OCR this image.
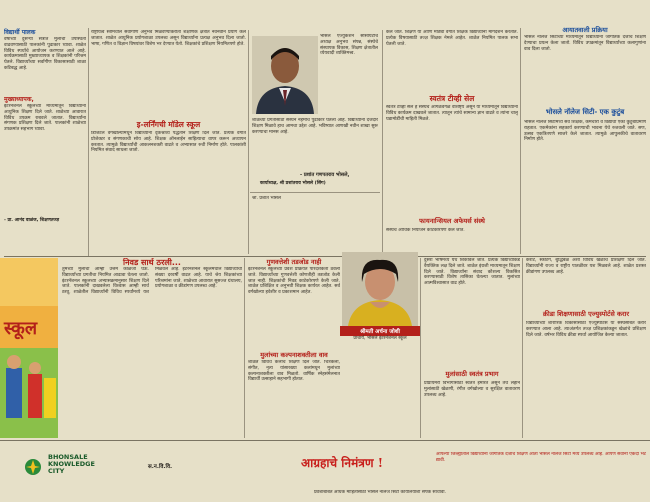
विद्यार्थी पालक
वर्षाच्या दुसऱ्या सत्रात मुलांची उपस्थिती वाढवण्यासाठी पालकांनी पुढाकार घ्यावा. शाळेत विविध स्पर्धांचे आयोजन करण्यात आले आहे. कार्यक्रमासाठी मुख्याध्यापक व शिक्षकांनी परिश्रम घेतले. विद्यार्थ्यांच्या सर्वांगीण विकासासाठी शाळा कटिबद्ध आहे.
मुख्याध्यापक,
इंटरनॅशनल स्कूलच्या माध्यमातून विद्यार्थ्यांना आधुनिक शिक्षण दिले जाते. शाळेच्या आवारात विविध उपक्रम राबवले जातात. विद्यार्थ्यांना संगणक प्रशिक्षण दिले जाते. पालकांनी शाळेच्या उपक्रमांत सहभाग घ्यावा.
- प्रा. आनंद वाळंज, शिक्षणतज्ज्ञ
राष्ट्रीयत्व स्त्रीमधील सर्वांगीण अनुभव मिळवण्याकरीता शैक्षणिक क्षेत्रात नवनवीन प्रयोग केले जातात. शाळेत आधुनिक प्रयोगशाळा उपलब्ध असून विद्यार्थ्यांना प्रत्यक्ष अनुभव दिला जातो. भाषा, गणित व विज्ञान विषयांवर विशेष भर देण्यात येतो. शिक्षकांचे प्रशिक्षण नियमितपणे होते.
इ-लर्निंगची मॉडेल स्कूल
डिजिटल वर्गखोल्यांमधून विद्यार्थ्यांना दृकश्राव्य पद्धतीने शिक्षण दिले जाते. प्रत्येक वर्गात प्रोजेक्टर व संगणकाची सोय आहे. शिक्षक ऑनलाईन साहित्याचा वापर करून अध्यापन करतात. त्यामुळे विद्यार्थ्यांची आकलनशक्ती वाढते व अभ्यासात रुची निर्माण होते. पालकांशी नियमित संवाद साधला जातो.
भोसले एज्युकेशन सोसायटीचे अध्यक्ष अनुभव संपन्न, संस्थेचे संस्थापक विकास, शिक्षण क्षेत्रातील ध्येयवादी व्यक्तिमत्त्व.
शाळेच्या प्रगतीसाठी संस्थेने नेहमीच पुढाकार घेतला आहे. विद्यार्थ्यांना दर्जेदार शिक्षण मिळावे हाच आमचा उद्देश आहे. भविष्यात आणखी नवीन शाखा सुरू करण्याचा मानस आहे.
- प्रशांत गणपतराव भोसले,
कार्याध्यक्ष, श्री प्रशांतराव भोसले (सिंग)
श्री. प्रशांत भोसले
केले जाते. शिक्षण या आणि मोठ्या वर्गात शिक्षक विद्यार्थ्यांना मार्गदर्शन करतात. प्रत्येक विषयासाठी तज्ज्ञ शिक्षक नेमले आहेत. शाळेत नियमित पालक सभा घेतली जाते.
स्वतंत्र टीव्ही सेल
स्वतंत्र टीव्ही सेल हे संस्थेचे आगळेवेगळे वैशिष्ट्य असून या माध्यमातून विद्यार्थ्यांना विविध कार्यक्रम दाखवले जातात. त्यातून त्यांचे सामान्य ज्ञान वाढते व त्यांना चालू घडामोडींची माहिती मिळते.
फायनान्सियल अफेयर्स संस्थे
संस्थेचे आर्थिक नियोजन काटेकोरपणे केले जाते.
आयातवाली प्रक्रिया
भोसले नॉलेज सिटीच्या माध्यमातून विद्यार्थ्यांना जागतिक दर्जाचे शिक्षण देण्याचा प्रयत्न केला जातो. विविध उपक्रमांतून विद्यार्थ्यांच्या कलागुणांना वाव दिला जातो.
भोसले नॉलेज सिटी- एक कुटुंब
भोसले नॉलेज सिटीमध्ये सर्व शिक्षक, कर्मचारी व विद्यार्थी एका कुटुंबाप्रमाणे राहतात. एकमेकांना सहकार्य करण्याची भावना येथे रुजवली जाते. सण, उत्सव एकत्रितपणे साजरे केले जातात. त्यामुळे आपुलकीचे वातावरण निर्माण होते.
स्कूल
निवड सार्थ ठरली...
तुमच्या मुलांची आम्ही उत्तम काळजी घेऊ. विद्यार्थ्यांच्या प्रगतीचा नियमित आढावा घेतला जातो. इंटरनॅशनल स्कूलच्या अभ्यासक्रमानुसार शिक्षण दिले जाते. पालकांनी दाखवलेला विश्वास आम्ही सार्थ ठरवू. शाळेतील विद्यार्थ्यांनी विविध स्पर्धांमध्ये यश मिळवले आहे. इंटरनॅशनल स्कूलमधील विद्यार्थ्यांची संख्या दरवर्षी वाढत आहे. याचे श्रेय शिक्षकांच्या परिश्रमांना जाते. शाळेच्या आवारात सुसज्ज ग्रंथालय, प्रयोगशाळा व क्रीडांगण उपलब्ध आहे.
गुणवत्तेशी तडजोड नाही
इंटरनॅशनल स्कूलच्या प्रवेश प्रक्रियेत पारदर्शकता ठेवली जाते. विद्यार्थ्यांच्या गुणवत्तेशी कोणतीही तडजोड केली जात नाही. शिक्षकांची निवड काटेकोरपणे केली जाते. शाळेत प्रशिक्षित व अनुभवी शिक्षक कार्यरत आहेत. सर्व वर्गखोल्या हवेशीर व प्रकाशमान आहेत.
मुलांच्या कल्पनाशक्तीला वाव
शाळेत विविध कलांचे शिक्षण दिले जाते. चित्रकला, संगीत, नृत्य यांसारख्या कलांमधून मुलांच्या कल्पनाशक्तीला वाव मिळतो. वार्षिक स्नेहसंमेलनात विद्यार्थी उत्साहाने सहभागी होतात.
श्रीमती अर्चना जोशी
प्राचार्य, भोसले इंटरनॅशनल स्कूल
दुसरा भाषेमध्ये येथे शिकविले जाते. प्रत्येक विद्यार्थ्याकडे वैयक्तिक लक्ष दिले जाते. शाळेत इंग्रजी माध्यमातून शिक्षण दिले जाते. विद्यार्थ्यांना संवाद कौशल्य विकसित करण्यासाठी विशेष तासिका घेतल्या जातात. मुलांच्या आत्मविश्वासात वाढ होते.
मुलांसाठी स्वतंत्र प्रभाग
प्रीप्रायमरी विभागासाठी स्वतंत्र इमारत असून तेथे लहान मुलांसाठी खेळणी, रंगीत वर्गखोल्या व सुरक्षित वातावरण उपलब्ध आहे.
कराटे, स्केटिंग, बुद्धिबळ अशा विविध खेळांचे प्रशिक्षण दिले जाते. विद्यार्थ्यांनी राज्य व राष्ट्रीय पातळीवर यश मिळवले आहे. शाळेत प्रशस्त क्रीडांगण उपलब्ध आहे.
क्रीडा शिक्षणासाठी एज्युस्पोर्टसे करार
विद्यार्थ्यांच्या शारीरिक विकासासाठी एज्युस्पोर्टस या संस्थेसोबत करार करण्यात आला आहे. त्याअंतर्गत तज्ज्ञ प्रशिक्षकांकडून खेळांचे प्रशिक्षण दिले जाते. वर्षभर विविध क्रीडा स्पर्धा आयोजित केल्या जातात.
BHONSALE
KNOWLEDGE
CITY	स.न.वि.वि.	आग्रहाचे निमंत्रण !
आपल्या जिल्ह्यातील विद्यार्थ्यांना जागतिक दर्जाचे शिक्षण आता भोसले नॉलेज सिटी मध्ये उपलब्ध आहे. आपण सर्वांनी एकदा भेट द्यावी.
प्रवेशाबाबत अधिक माहितीसाठी भोसले नॉलेज सिटी कार्यालयाशी संपर्क साधावा.
